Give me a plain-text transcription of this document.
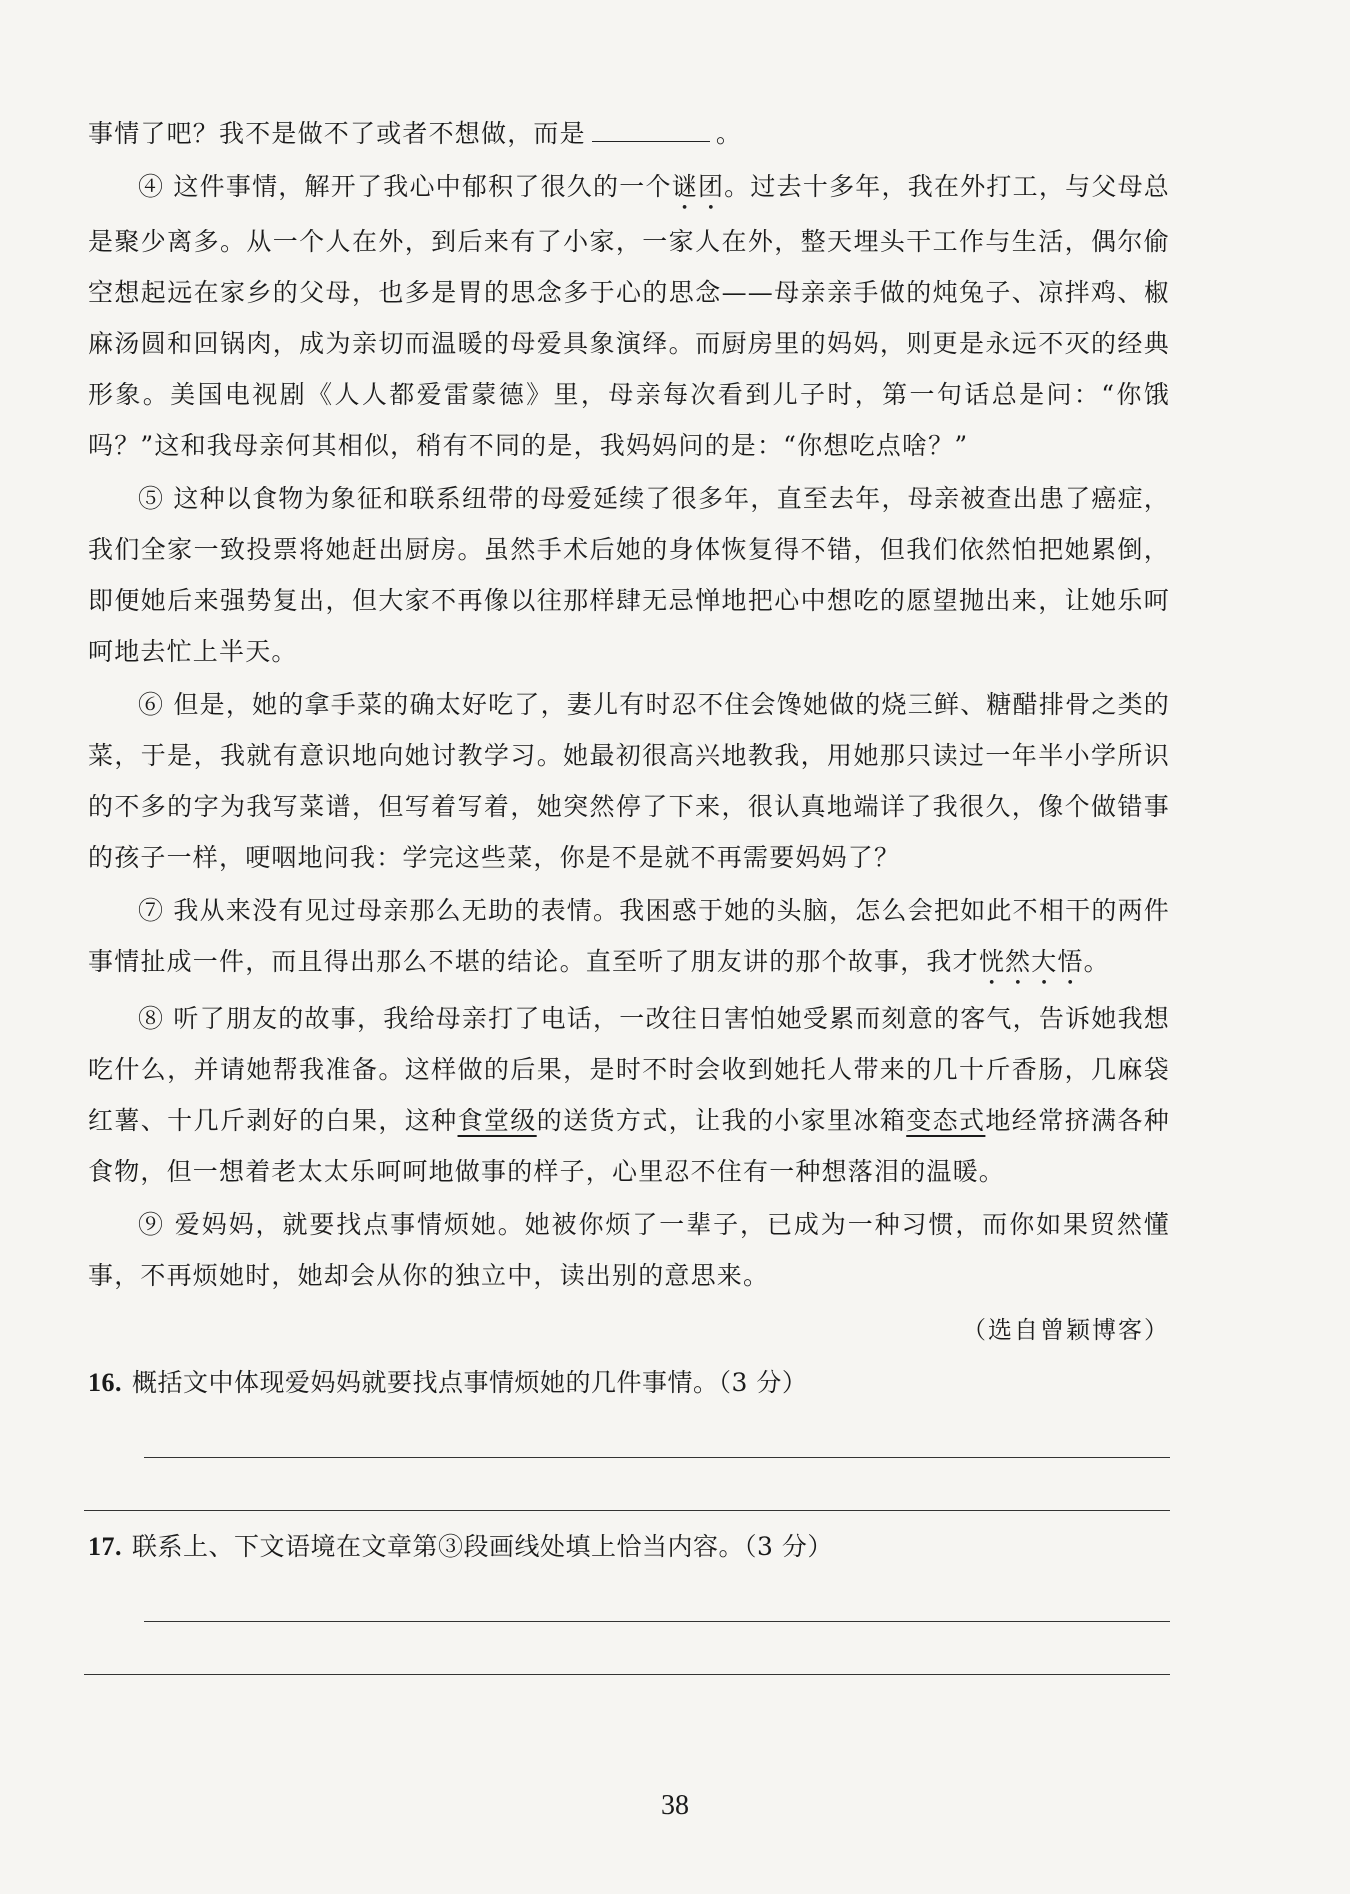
事情了吧？我不是做不了或者不想做，而是	。

④ 这件事情，解开了我心中郁积了很久的一个谜团。过去十多年，我在外打工，与父母总是聚少离多。从一个人在外，到后来有了小家，一家人在外，整天埋头干工作与生活，偶尔偷空想起远在家乡的父母，也多是胃的思念多于心的思念——母亲亲手做的炖兔子、凉拌鸡、椒麻汤圆和回锅肉，成为亲切而温暖的母爱具象演绎。而厨房里的妈妈，则更是永远不灭的经典形象。美国电视剧《人人都爱雷蒙德》里，母亲每次看到儿子时，第一句话总是问：“你饿吗？”这和我母亲何其相似，稍有不同的是，我妈妈问的是：“你想吃点啥？”

⑤ 这种以食物为象征和联系纽带的母爱延续了很多年，直至去年，母亲被查出患了癌症，我们全家一致投票将她赶出厨房。虽然手术后她的身体恢复得不错，但我们依然怕把她累倒，即便她后来强势复出，但大家不再像以往那样肆无忌惮地把心中想吃的愿望抛出来，让她乐呵呵地去忙上半天。

⑥ 但是，她的拿手菜的确太好吃了，妻儿有时忍不住会馋她做的烧三鲜、糖醋排骨之类的菜，于是，我就有意识地向她讨教学习。她最初很高兴地教我，用她那只读过一年半小学所识的不多的字为我写菜谱，但写着写着，她突然停了下来，很认真地端详了我很久，像个做错事的孩子一样，哽咽地问我：学完这些菜，你是不是就不再需要妈妈了？

⑦ 我从来没有见过母亲那么无助的表情。我困惑于她的头脑，怎么会把如此不相干的两件事情扯成一件，而且得出那么不堪的结论。直至听了朋友讲的那个故事，我才恍然大悟。

⑧ 听了朋友的故事，我给母亲打了电话，一改往日害怕她受累而刻意的客气，告诉她我想吃什么，并请她帮我准备。这样做的后果，是时不时会收到她托人带来的几十斤香肠，几麻袋红薯、十几斤剥好的白果，这种食堂级的送货方式，让我的小家里冰箱变态式地经常挤满各种食物，但一想着老太太乐呵呵地做事的样子，心里忍不住有一种想落泪的温暖。

⑨ 爱妈妈，就要找点事情烦她。她被你烦了一辈子，已成为一种习惯，而你如果贸然懂事，不再烦她时，她却会从你的独立中，读出别的意思来。

（选自曾颖博客）
16. 概括文中体现爱妈妈就要找点事情烦她的几件事情。（3 分）
17. 联系上、下文语境在文章第③段画线处填上恰当内容。（3 分）
38
